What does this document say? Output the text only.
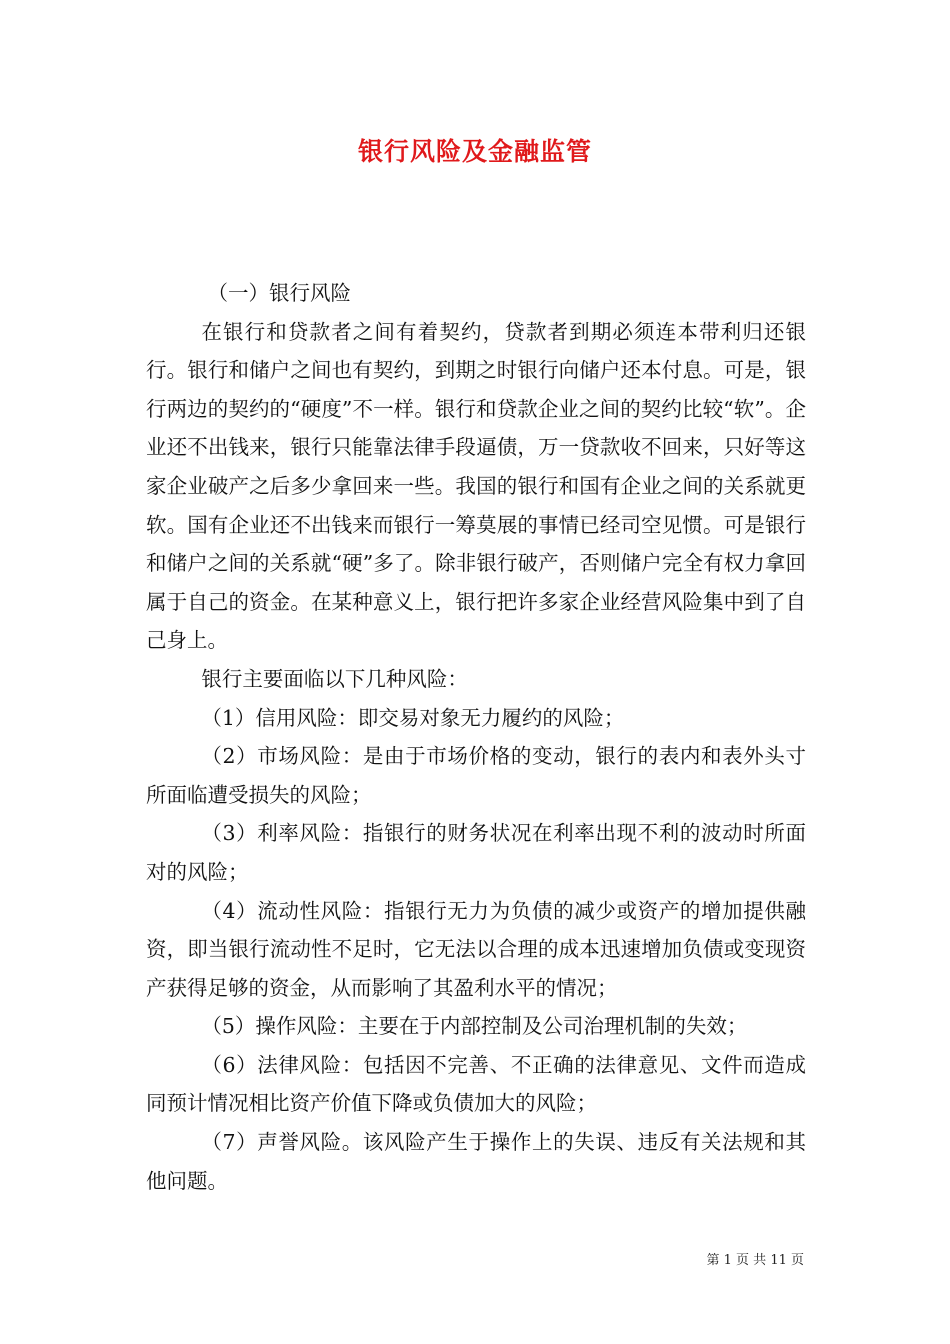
银行风险及金融监管

（一）银行风险

在银行和贷款者之间有着契约，贷款者到期必须连本带利归还银行。银行和储户之间也有契约，到期之时银行向储户还本付息。可是，银行两边的契约的“硬度”不一样。银行和贷款企业之间的契约比较“软”。企业还不出钱来，银行只能靠法律手段逼债，万一贷款收不回来，只好等这家企业破产之后多少拿回来一些。我国的银行和国有企业之间的关系就更软。国有企业还不出钱来而银行一筹莫展的事情已经司空见惯。可是银行和储户之间的关系就“硬”多了。除非银行破产，否则储户完全有权力拿回属于自己的资金。在某种意义上，银行把许多家企业经营风险集中到了自己身上。

银行主要面临以下几种风险：

（1）信用风险：即交易对象无力履约的风险；

（2）市场风险：是由于市场价格的变动，银行的表内和表外头寸所面临遭受损失的风险；

（3）利率风险：指银行的财务状况在利率出现不利的波动时所面对的风险；

（4）流动性风险：指银行无力为负债的减少或资产的增加提供融资，即当银行流动性不足时，它无法以合理的成本迅速增加负债或变现资产获得足够的资金，从而影响了其盈利水平的情况；

（5）操作风险：主要在于内部控制及公司治理机制的失效；

（6）法律风险：包括因不完善、不正确的法律意见、文件而造成同预计情况相比资产价值下降或负债加大的风险；

（7）声誉风险。该风险产生于操作上的失误、违反有关法规和其他问题。

第 1 页 共 11 页
